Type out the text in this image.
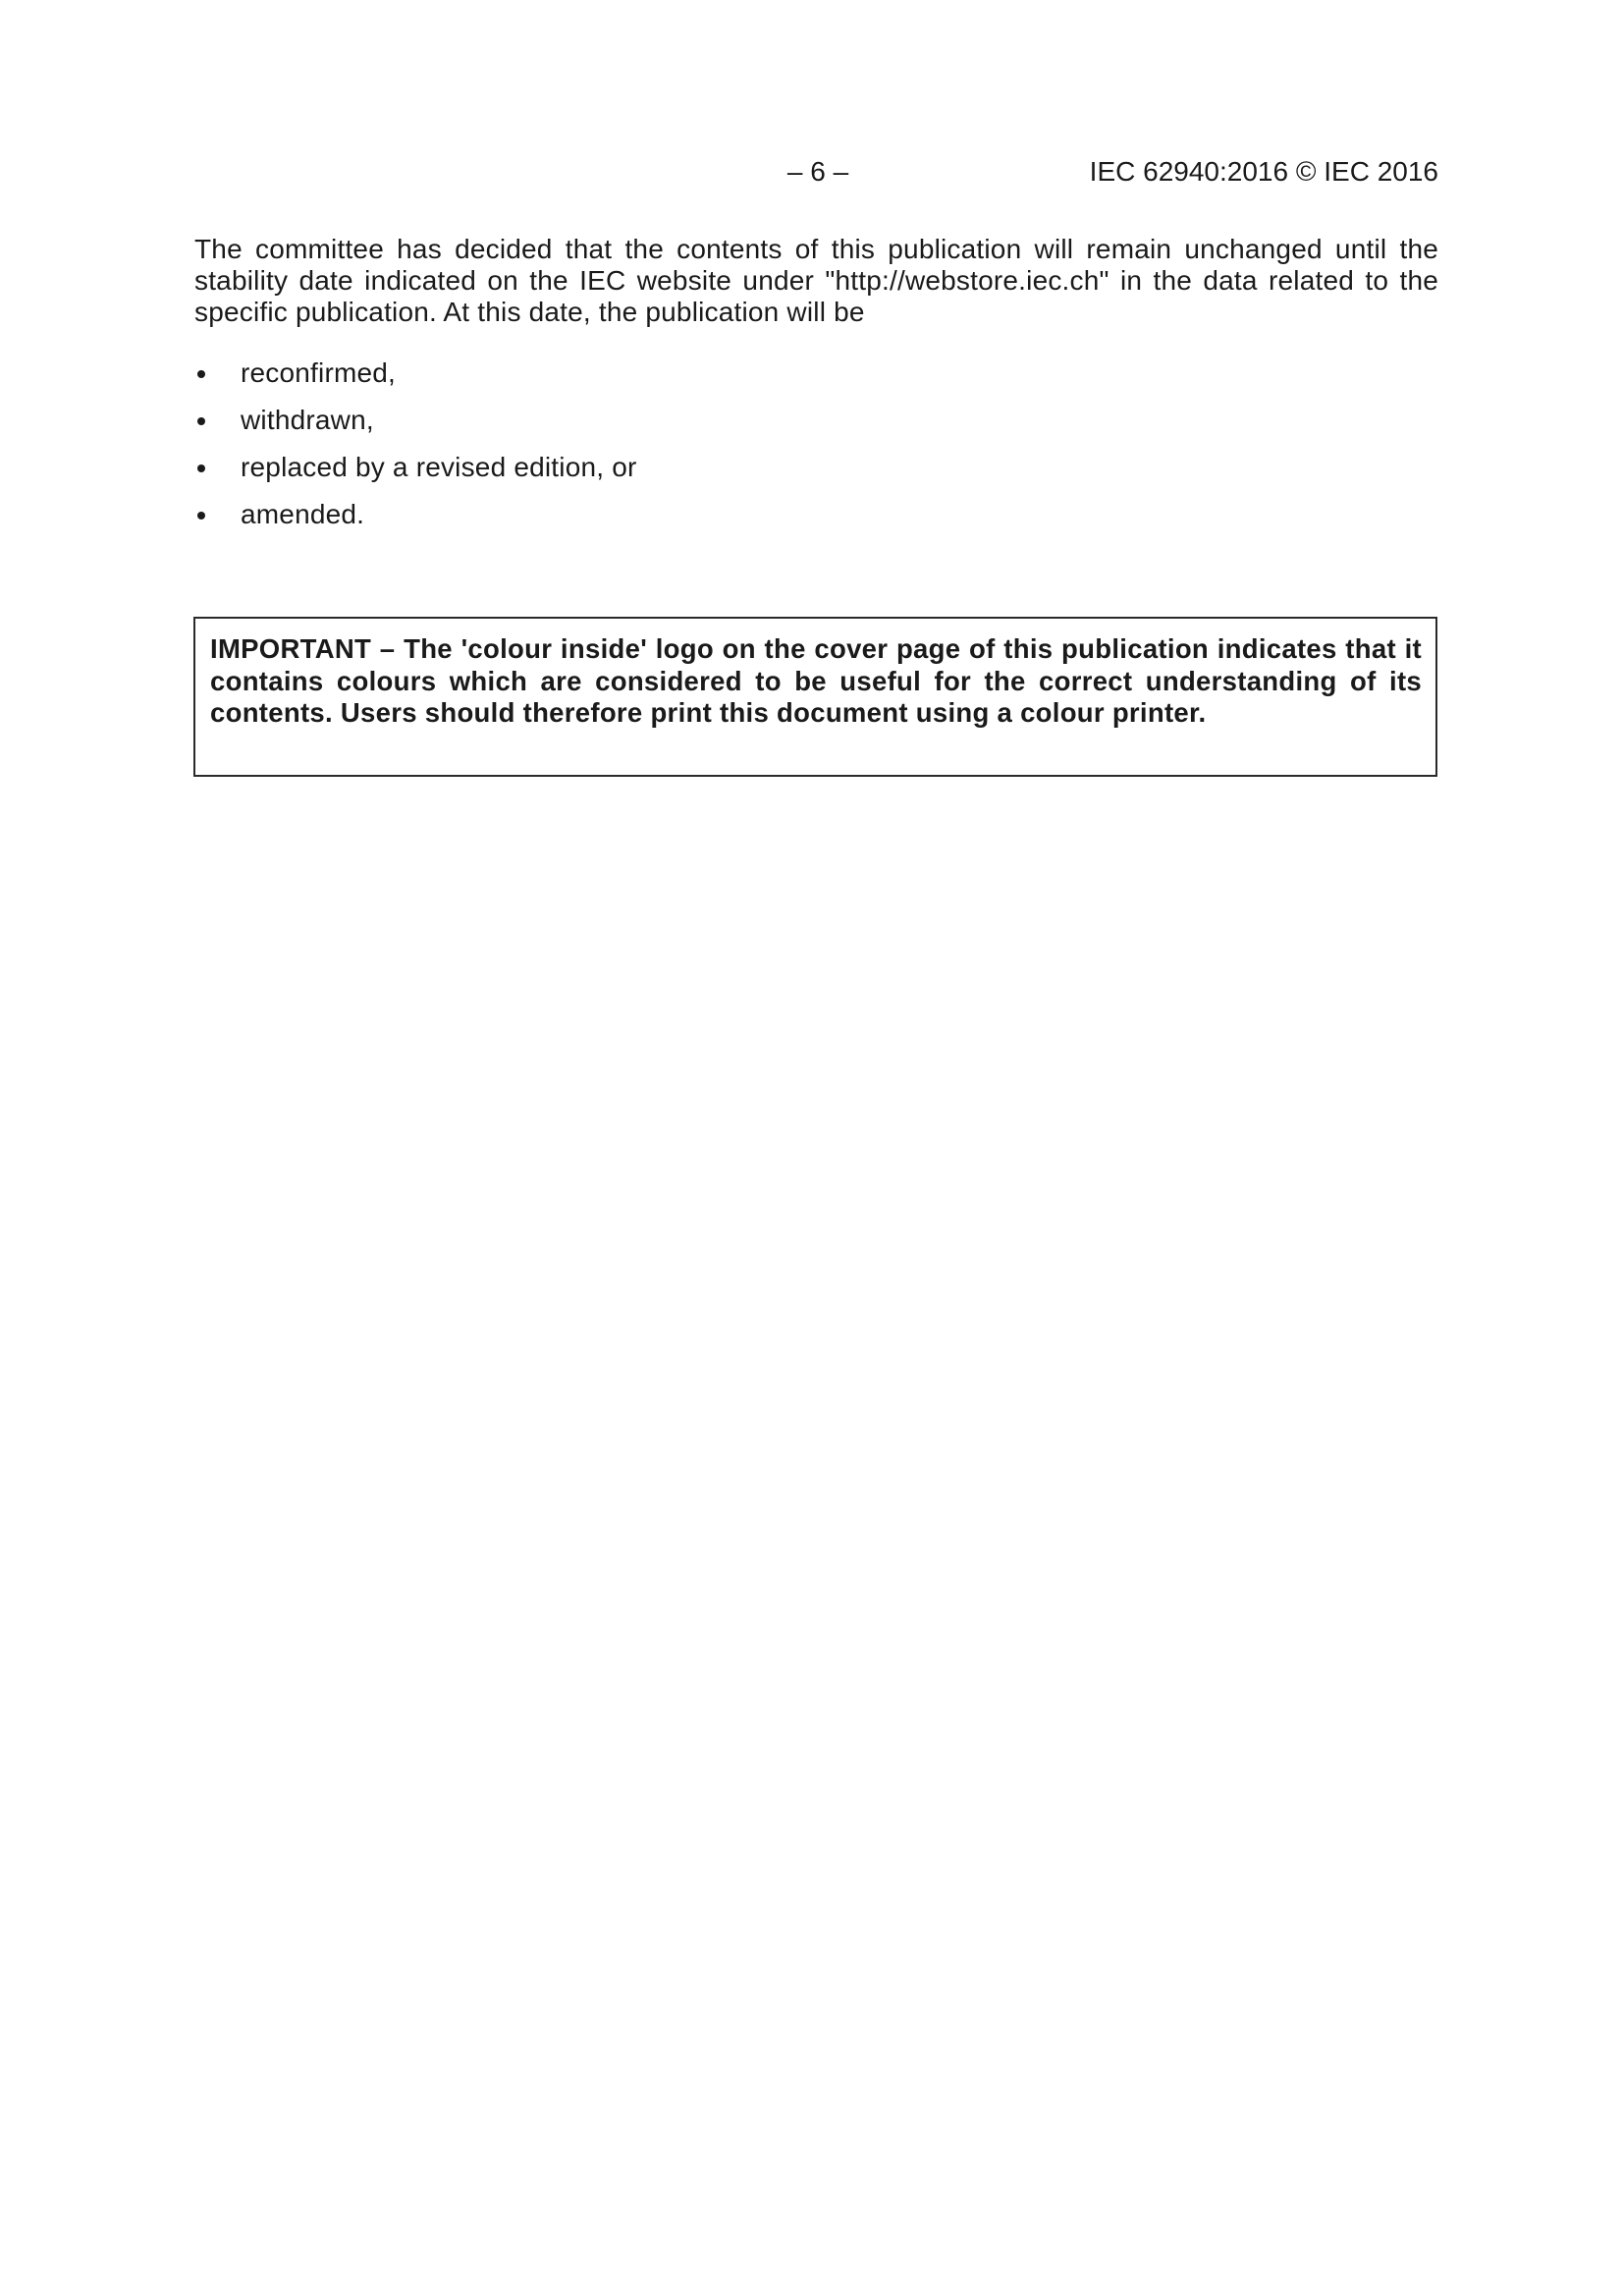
– 6 –	IEC 62940:2016 © IEC 2016

The committee has decided that the contents of this publication will remain unchanged until the stability date indicated on the IEC website under "http://webstore.iec.ch" in the data related to the specific publication. At this date, the publication will be

reconfirmed,
withdrawn,
replaced by a revised edition, or
amended.

IMPORTANT – The 'colour inside' logo on the cover page of this publication indicates that it contains colours which are considered to be useful for the correct understanding of its contents. Users should therefore print this document using a colour printer.
